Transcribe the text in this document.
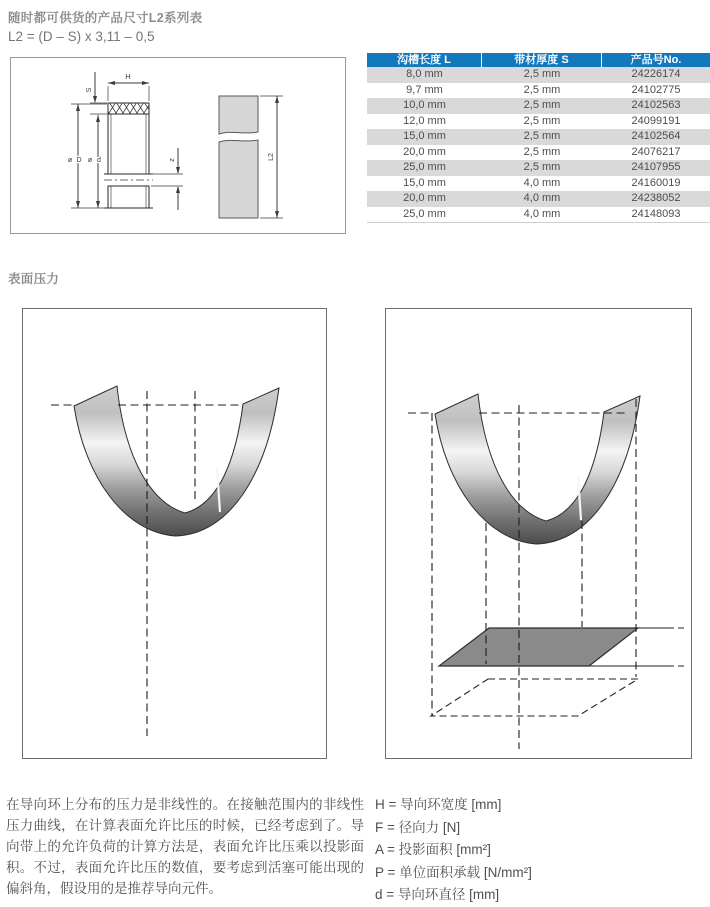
随时都可供货的产品尺寸L2系列表
L2 = (D – S) x 3,11 – 0,5
H
S
ø D ø d	z	L2
沟槽长度 L	带材厚度 S	产品号No.
8,0 mm	2,5 mm	24226174
9,7 mm	2,5 mm	24102775
10,0 mm	2,5 mm	24102563
12,0 mm	2,5 mm	24099191
15,0 mm	2,5 mm	24102564
20,0 mm	2,5 mm	24076217
25,0 mm	2,5 mm	24107955
15,0 mm	4,0 mm	24160019
20,0 mm	4,0 mm	24238052
25,0 mm	4,0 mm	24148093
表面压力
在导向环上分布的压力是非线性的。在接触范围内的非线性压力曲线，在计算表面允许比压的时候，已经考虑到了。导向带上的允许负荷的计算方法是，表面允许比压乘以投影面积。不过，表面允许比压的数值，要考虑到活塞可能出现的偏斜角，假设用的是推荐导向元件。
H = 导向环宽度 [mm]
F = 径向力 [N]
A = 投影面积 [mm²]
P = 单位面积承载 [N/mm²]
d = 导向环直径 [mm]
